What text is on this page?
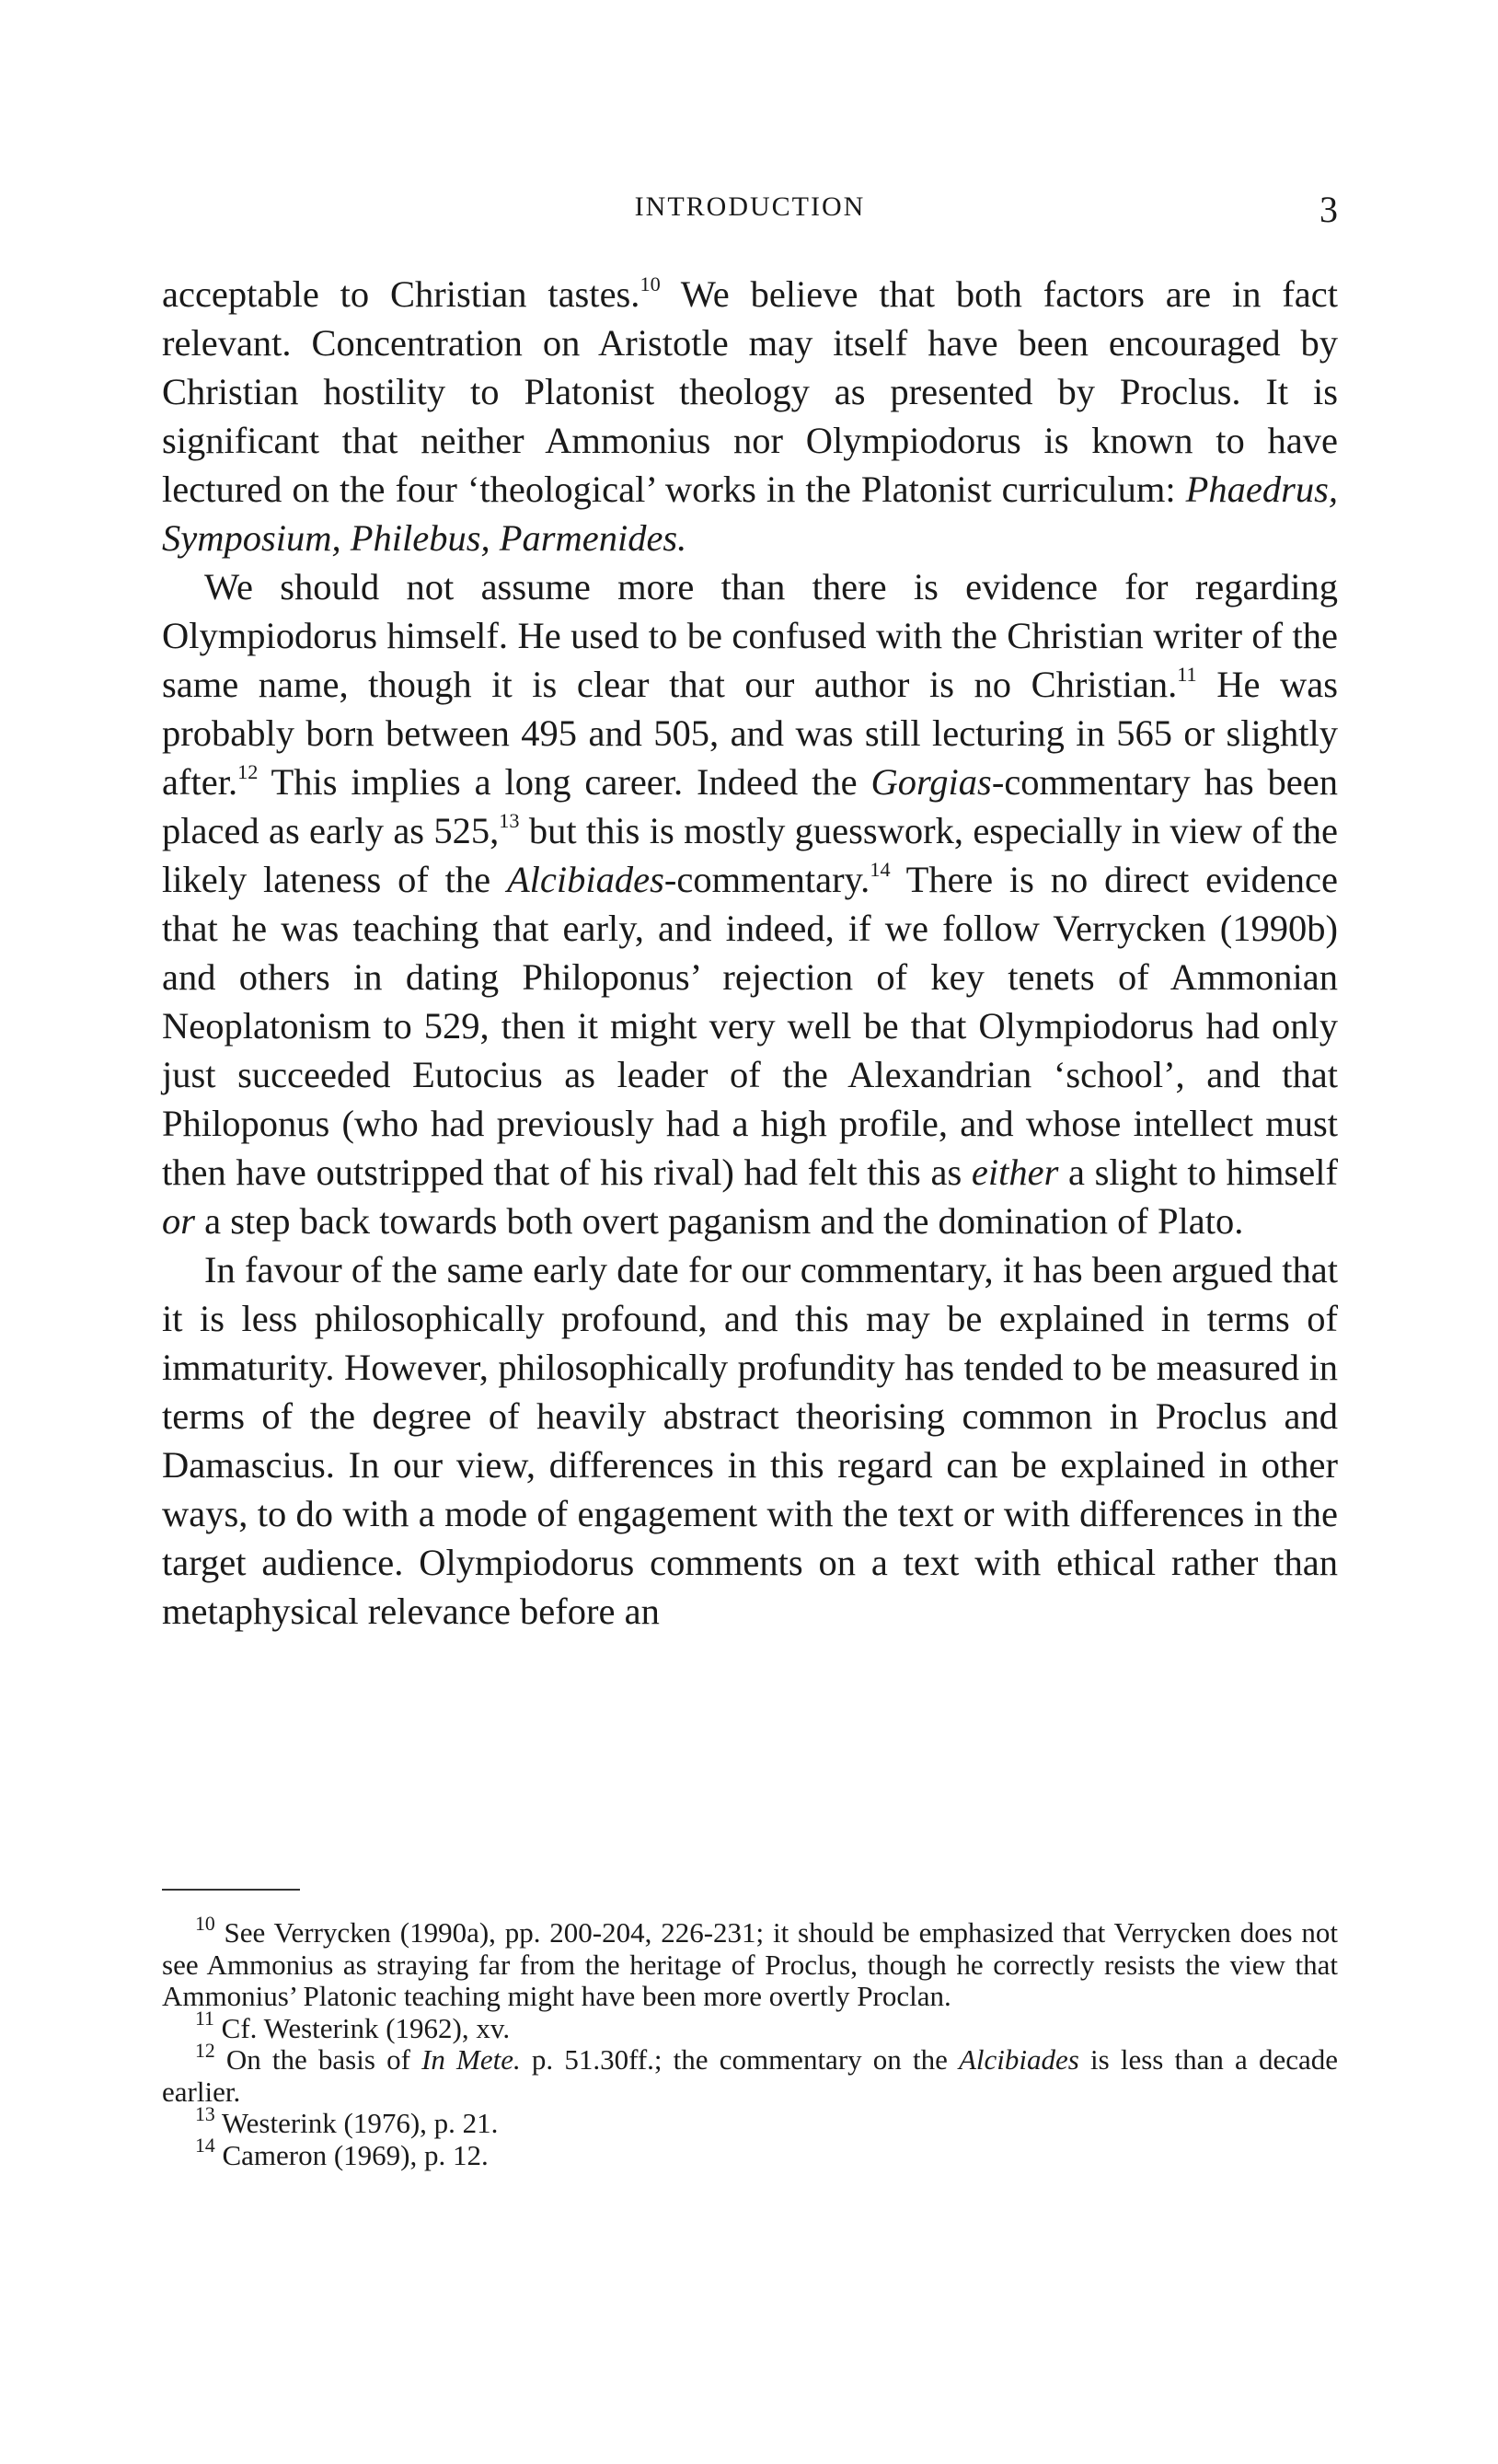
INTRODUCTION	3

acceptable to Christian tastes.$^{10}$ We believe that both factors are in fact relevant. Concentration on Aristotle may itself have been encouraged by Christian hostility to Platonist theology as presented by Proclus. It is significant that neither Ammonius nor Olympiodorus is known to have lectured on the four ‘theological’ works in the Platonist curriculum: Phaedrus, Symposium, Philebus, Parmenides.

We should not assume more than there is evidence for regarding Olympiodorus himself. He used to be confused with the Christian writer of the same name, though it is clear that our author is no Christian.$^{11}$ He was probably born between 495 and 505, and was still lecturing in 565 or slightly after.$^{12}$ This implies a long career. Indeed the Gorgias-commentary has been placed as early as 525,13 but this is mostly guesswork, especially in view of the likely lateness of the Alcibiades-commentary.$^{14}$ There is no direct evidence that he was teaching that early, and indeed, if we follow Verrycken (1990b) and others in dating Philoponus’ rejection of key tenets of Ammonian Neoplatonism to 529, then it might very well be that Olympiodorus had only just succeeded Eutocius as leader of the Alexandrian ‘school’, and that Philoponus (who had previously had a high profile, and whose intellect must then have outstripped that of his rival) had felt this as either a slight to himself or a step back towards both overt paganism and the domination of Plato.

In favour of the same early date for our commentary, it has been argued that it is less philosophically profound, and this may be explained in terms of immaturity. However, philosophically profundity has tended to be measured in terms of the degree of heavily abstract theorising common in Proclus and Damascius. In our view, differences in this regard can be explained in other ways, to do with a mode of engagement with the text or with differences in the target audience. Olympiodorus comments on a text with ethical rather than metaphysical relevance before an

$^{10}$ See Verrycken (1990a), pp. 200-204, 226-231; it should be emphasized that Verrycken does not see Ammonius as straying far from the heritage of Proclus, though he correctly resists the view that Ammonius’ Platonic teaching might have been more overtly Proclan.

$^{11}$ Cf. Westerink (1962), xv.

$^{12}$ On the basis of In Mete. p. 51.30ff.; the commentary on the Alcibiades is less than a decade earlier.

$^{13}$ Westerink (1976), p. 21.

$^{14}$ Cameron (1969), p. 12.
